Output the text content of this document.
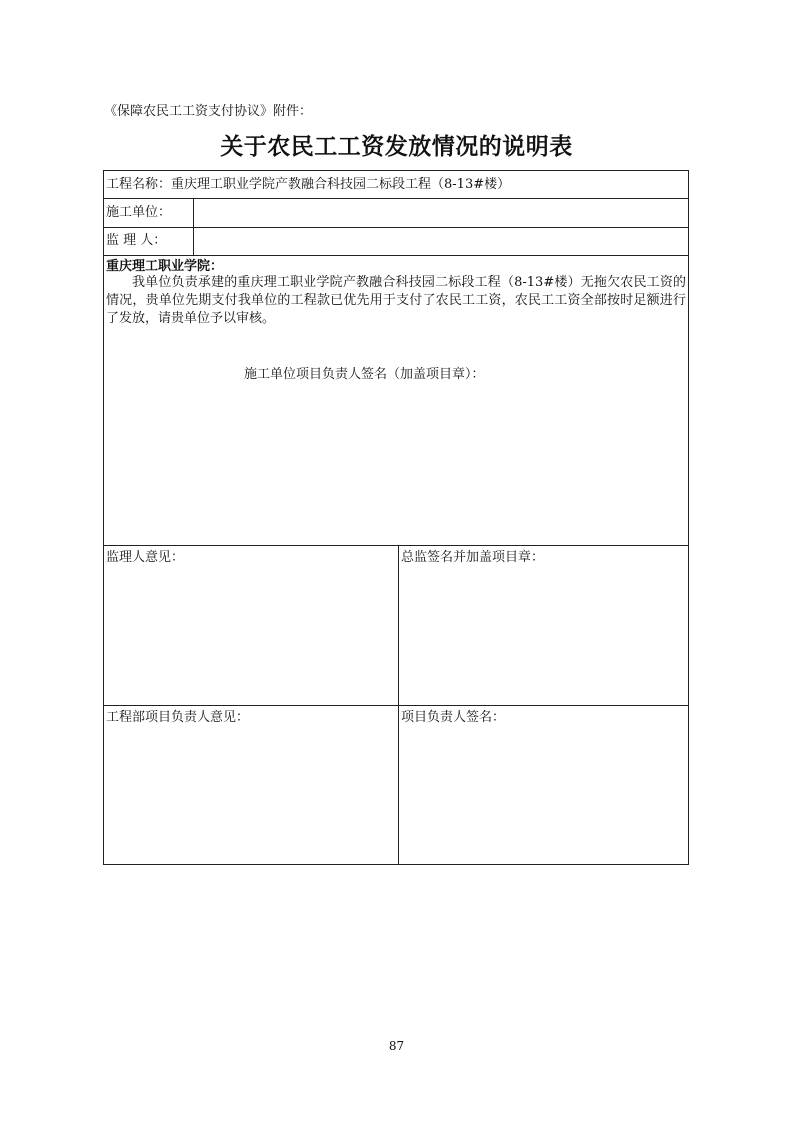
《保障农民工工资支付协议》附件：
关于农民工工资发放情况的说明表
工程名称：重庆理工职业学院产教融合科技园二标段工程（8-13#楼）
施工单位：
监 理 人：
重庆理工职业学院：

我单位负责承建的重庆理工职业学院产教融合科技园二标段工程（8-13#楼）无拖欠农民工资的情况，贵单位先期支付我单位的工程款已优先用于支付了农民工工资，农民工工资全部按时足额进行了发放，请贵单位予以审核。

施工单位项目负责人签名（加盖项目章）：
监理人意见：	总监签名并加盖项目章：
工程部项目负责人意见：	项目负责人签名：
87
